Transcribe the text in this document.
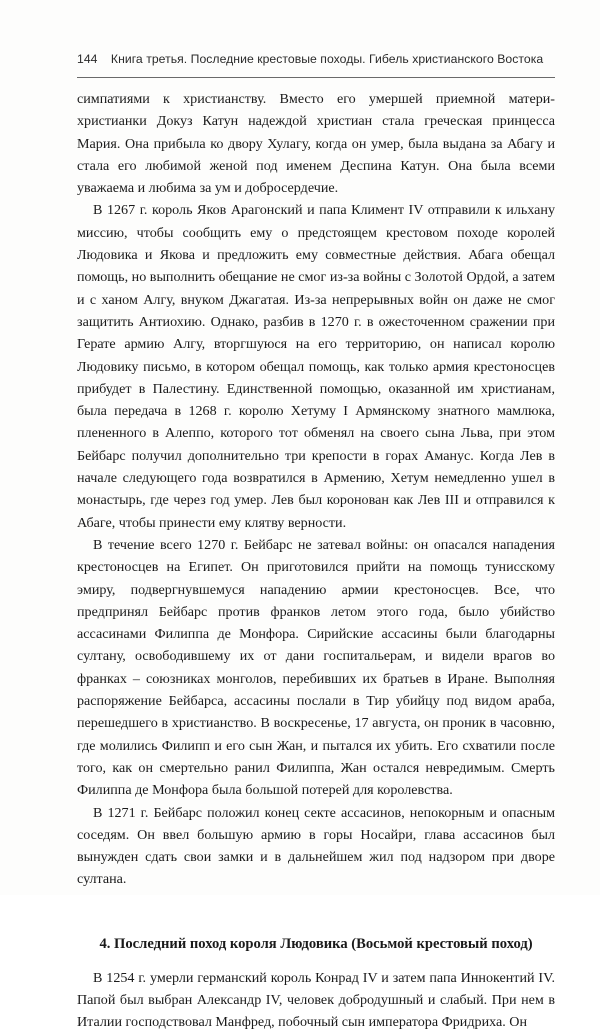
144 Книга третья. Последние крестовые походы. Гибель христианского Востока

симпатиями к христианству. Вместо его умершей приемной матери-христианки Докуз Катун надеждой христиан стала греческая принцесса Мария. Она прибыла ко двору Хулагу, когда он умер, была выдана за Абагу и стала его любимой женой под именем Деспина Катун. Она была всеми уважаема и любима за ум и добросердечие.

В 1267 г. король Яков Арагонский и папа Климент IV отправили к ильхану миссию, чтобы сообщить ему о предстоящем крестовом походе королей Людовика и Якова и предложить ему совместные действия. Абага обещал помощь, но выполнить обещание не смог из-за войны с Золотой Ордой, а затем и с ханом Алгу, внуком Джагатая. Из-за непрерывных войн он даже не смог защитить Антиохию. Однако, разбив в 1270 г. в ожесточенном сражении при Герате армию Алгу, вторгшуюся на его территорию, он написал королю Людовику письмо, в котором обещал помощь, как только армия крестоносцев прибудет в Палестину. Единственной помощью, оказанной им христианам, была передача в 1268 г. королю Хетуму I Армянскому знатного мамлюка, плененного в Алеппо, которого тот обменял на своего сына Льва, при этом Бейбарс получил дополнительно три крепости в горах Аманус. Когда Лев в начале следующего года возвратился в Армению, Хетум немедленно ушел в монастырь, где через год умер. Лев был коронован как Лев III и отправился к Абаге, чтобы принести ему клятву верности.

В течение всего 1270 г. Бейбарс не затевал войны: он опасался нападения крестоносцев на Египет. Он приготовился прийти на помощь тунисскому эмиру, подвергнувшемуся нападению армии крестоносцев. Все, что предпринял Бейбарс против франков летом этого года, было убийство ассасинами Филиппа де Монфора. Сирийские ассасины были благодарны султану, освободившему их от дани госпитальерам, и видели врагов во франках – союзниках монголов, перебивших их братьев в Иране. Выполняя распоряжение Бейбарса, ассасины послали в Тир убийцу под видом араба, перешедшего в христианство. В воскресенье, 17 августа, он проник в часовню, где молились Филипп и его сын Жан, и пытался их убить. Его схватили после того, как он смертельно ранил Филиппа, Жан остался невредимым. Смерть Филиппа де Монфора была большой потерей для королевства.

В 1271 г. Бейбарс положил конец секте ассасинов, непокорным и опасным соседям. Он ввел большую армию в горы Носайри, глава ассасинов был вынужден сдать свои замки и в дальнейшем жил под надзором при дворе султана.

4. Последний поход короля Людовика (Восьмой крестовый поход)

В 1254 г. умерли германский король Конрад IV и затем папа Иннокентий IV. Папой был выбран Александр IV, человек добродушный и слабый. При нем в Италии господствовал Манфред, побочный сын императора Фридриха. Он
